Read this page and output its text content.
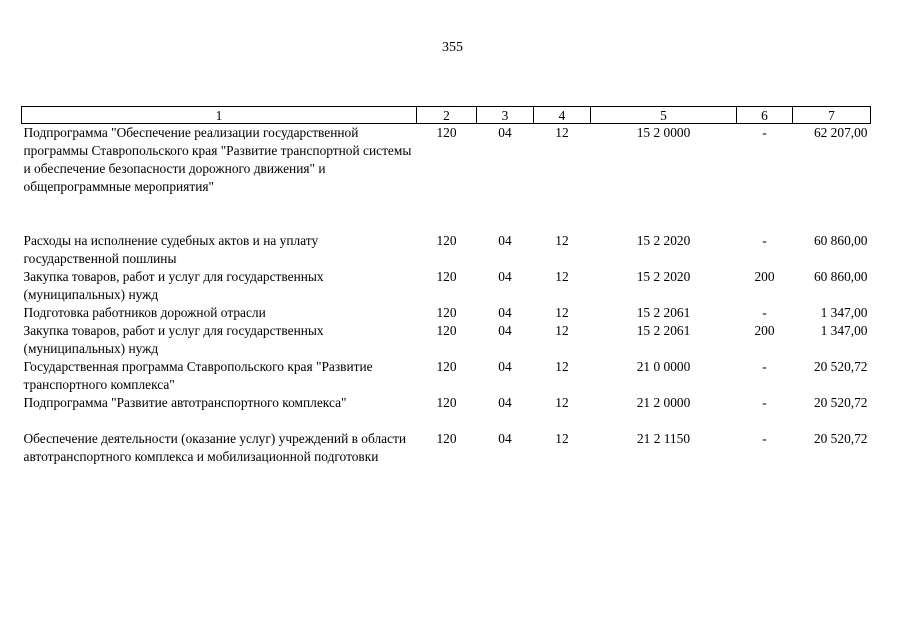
355
1	2	3	4	5	6	7
Подпрограмма "Обеспечение реализации государственной программы Ставропольского края "Развитие транспортной системы и обеспечение безопасности дорожного движения" и общепрограммные мероприятия"	120	04	12	15 2 0000	-	62 207,00
Расходы на исполнение судебных актов и на уплату государственной пошлины	120	04	12	15 2 2020	-	60 860,00
Закупка товаров, работ и услуг для государственных (муниципальных) нужд	120	04	12	15 2 2020	200	60 860,00
Подготовка работников дорожной отрасли	120	04	12	15 2 2061	-	1 347,00
Закупка товаров, работ и услуг для государственных (муниципальных) нужд	120	04	12	15 2 2061	200	1 347,00
Государственная программа Ставропольского края "Развитие транспортного комплекса"	120	04	12	21 0 0000	-	20 520,72
Подпрограмма "Развитие автотранспортного комплекса"	120	04	12	21 2 0000	-	20 520,72
Обеспечение деятельности (оказание услуг) учреждений в области автотранспортного комплекса и мобилизационной подготовки	120	04	12	21 2 1150	-	20 520,72
